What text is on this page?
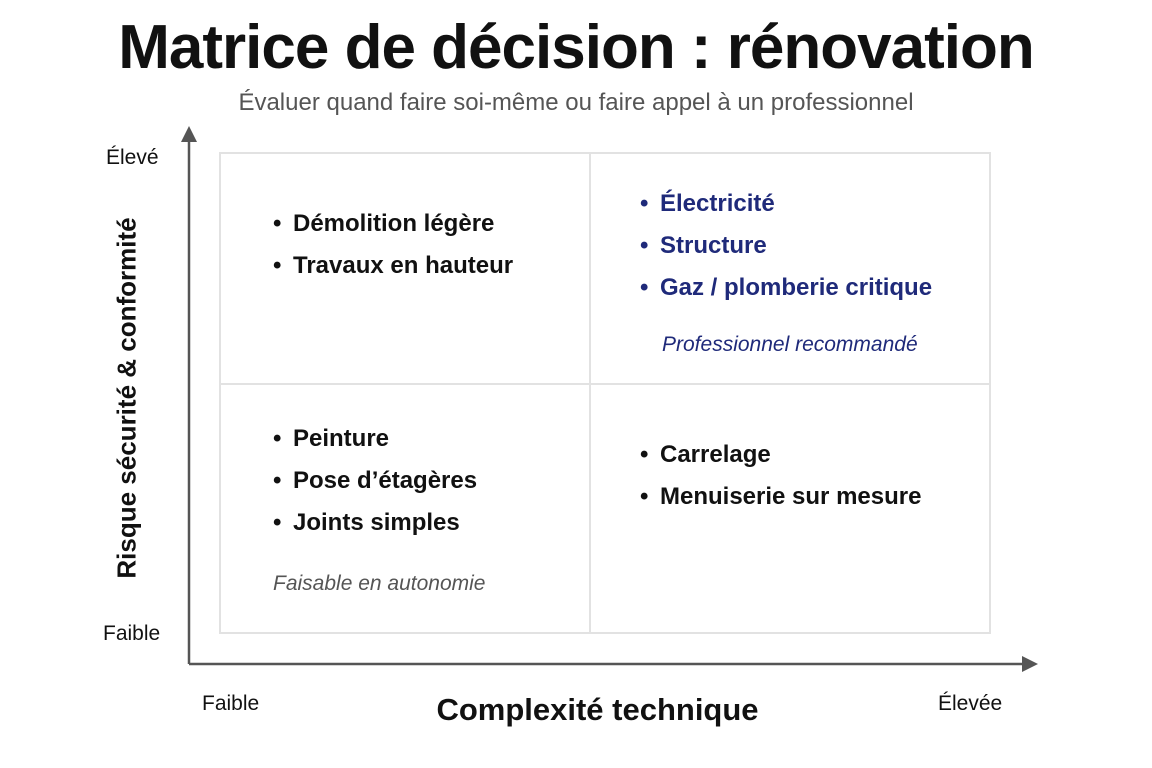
Matrice de décision : rénovation
Évaluer quand faire soi-même ou faire appel à un professionnel
• Démolition légère
• Travaux en hauteur
• Électricité
• Structure
• Gaz / plomberie critique
Professionnel recommandé
• Peinture
• Pose d’étagères
• Joints simples
Faisable en autonomie
• Carrelage
• Menuiserie sur mesure
Risque sécurité & conformité
Élevé
Faible
Faible	Complexité technique	Élevée
